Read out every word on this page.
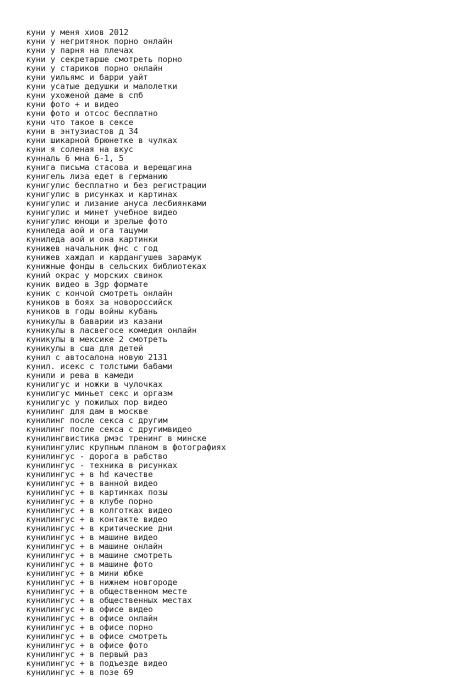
куни у меня хиов 2012
куни у негритянок порно онлайн
куни у парня на плечах
куни у секретарше смотреть порно
куни у стариков порно онлайн
куни уильямс и барри уайт
куни усатые дедушки и малолетки
куни ухоженой даме в спб
куни фото + и видео
куни фото и отсос бесплатно
куни что такое в сексе
куни в энтузиастов д 34
куни шикарной брюнетке в чулках
куни я соленая на вкус
кунналь 6 мна 6-1, 5
кунига письма стасова и верещагина
кунигель лиза едет в германию
кунигулис бесплатно и без регистрации
кунигулис в рисунках и картинах
кунигулис и лизание ануса лесбиянками
кунигулис и минет учебное видео
кунигулис юнощи и зрелые фото
куниледа аой и ога тацуми
куниледа аой и она картинки
кунижев начальник фнс с год
кунижев хаждал и кардангушев зарамук
кунижные фонды в сельских библиотеках
куний окрас у морских свинок
куник видео в 3gp формате
куник с кончой смотреть онлайн
куников в боях за новороссийск
куников в годы войны кубань
куникулы в баварии из казани
куникулы в ласвегосе комедия онлайн
куникулы в мексике 2 смотреть
куникулы в сша для детей
кунил с автосалона новую 2131
кунил. исекс с толстыми бабами
кунили и рева в камеди
кунилигус и ножки в чулочках
кунилигус миньет секс и оргазм
кунилигус у пожилых пор видео
кунилинг для дам в москве
кунилинг после секса с другим
кунилинг после секса с другимвидео
кунилингвистика рмэс тренинг в минске
кунилингулис крупным планом в фотографиях
кунилингус - дорога в рабство
кунилингус - техника в рисунках
кунилингус + в hd качестве
кунилингус + в ванной видео
кунилингус + в картинках позы
кунилингус + в клубе порно
кунилингус + в колготках видео
кунилингус + в контакте видео
кунилингус + в критические дни
кунилингус + в машине видео
кунилингус + в машине онлайн
кунилингус + в машине смотреть
кунилингус + в машине фото
кунилингус + в мини юбке
кунилингус + в нижнем новгороде
кунилингус + в общественном месте
кунилингус + в общественных местах
кунилингус + в офисе видео
кунилингус + в офисе онлайн
кунилингус + в офисе порно
кунилингус + в офисе смотреть
кунилингус + в офисе фото
кунилингус + в первый раз
кунилингус + в подъезде видео
кунилингус + в позе 69
